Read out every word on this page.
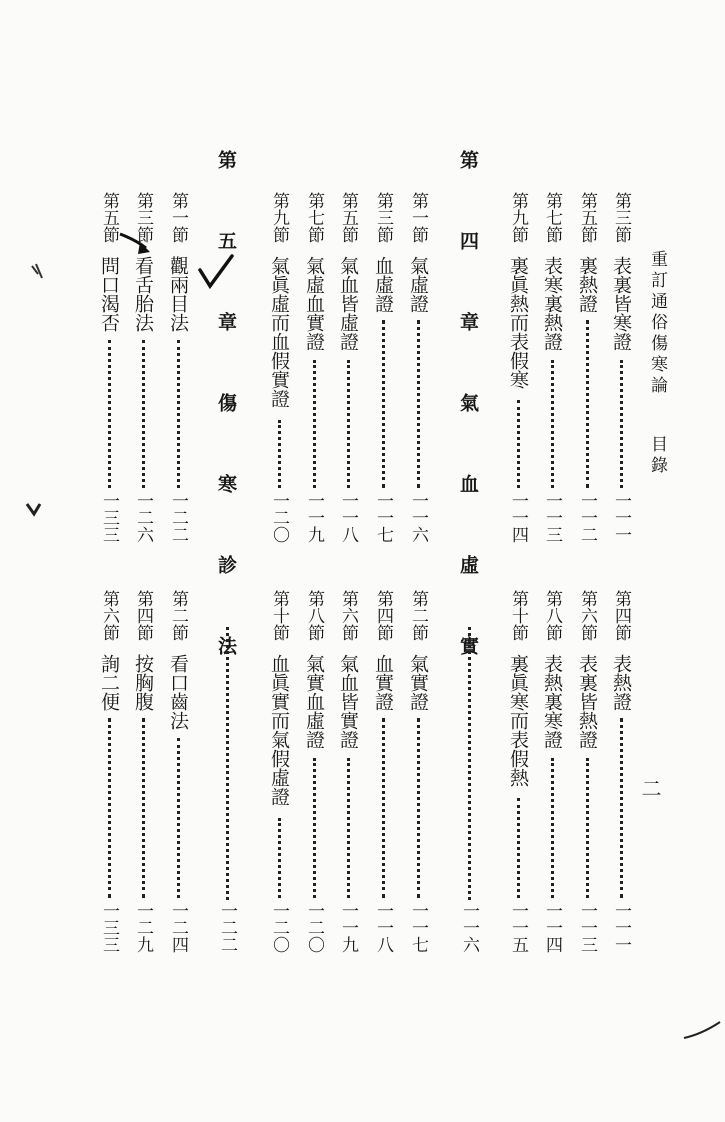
重訂通俗傷寒論
目錄
二
第三節
表裏皆寒證
一一一
第五節
裏熱證
一一二
第七節
表寒裏熱證
一一三
第九節
裏眞熱而表假寒
一一四
第 四 章 氣 血 虛 實
第一節
氣虛證
一一六
第三節
血虛證
一一七
第五節
氣血皆虛證
一一八
第七節
氣虛血實證
一一九
第九節
氣眞虛而血假實證
一二〇
第 五 章 傷 寒 診 法
第一節
觀兩目法
一二二
第三節
看舌胎法
一二六
第五節
問口渴否
一三三
第四節
表熱證
一一一
第六節
表裏皆熱證
一一三
第八節
表熱裏寒證
一一四
第十節
裏眞寒而表假熱
一一五
一一六
第二節
氣實證
一一七
第四節
血實證
一一八
第六節
氣血皆實證
一一九
第八節
氣實血虛證
一二〇
第十節
血眞實而氣假虛證
一二〇
一二二
第二節
看口齒法
一二四
第四節
按胸腹
一二九
第六節
詢二便
一三三
